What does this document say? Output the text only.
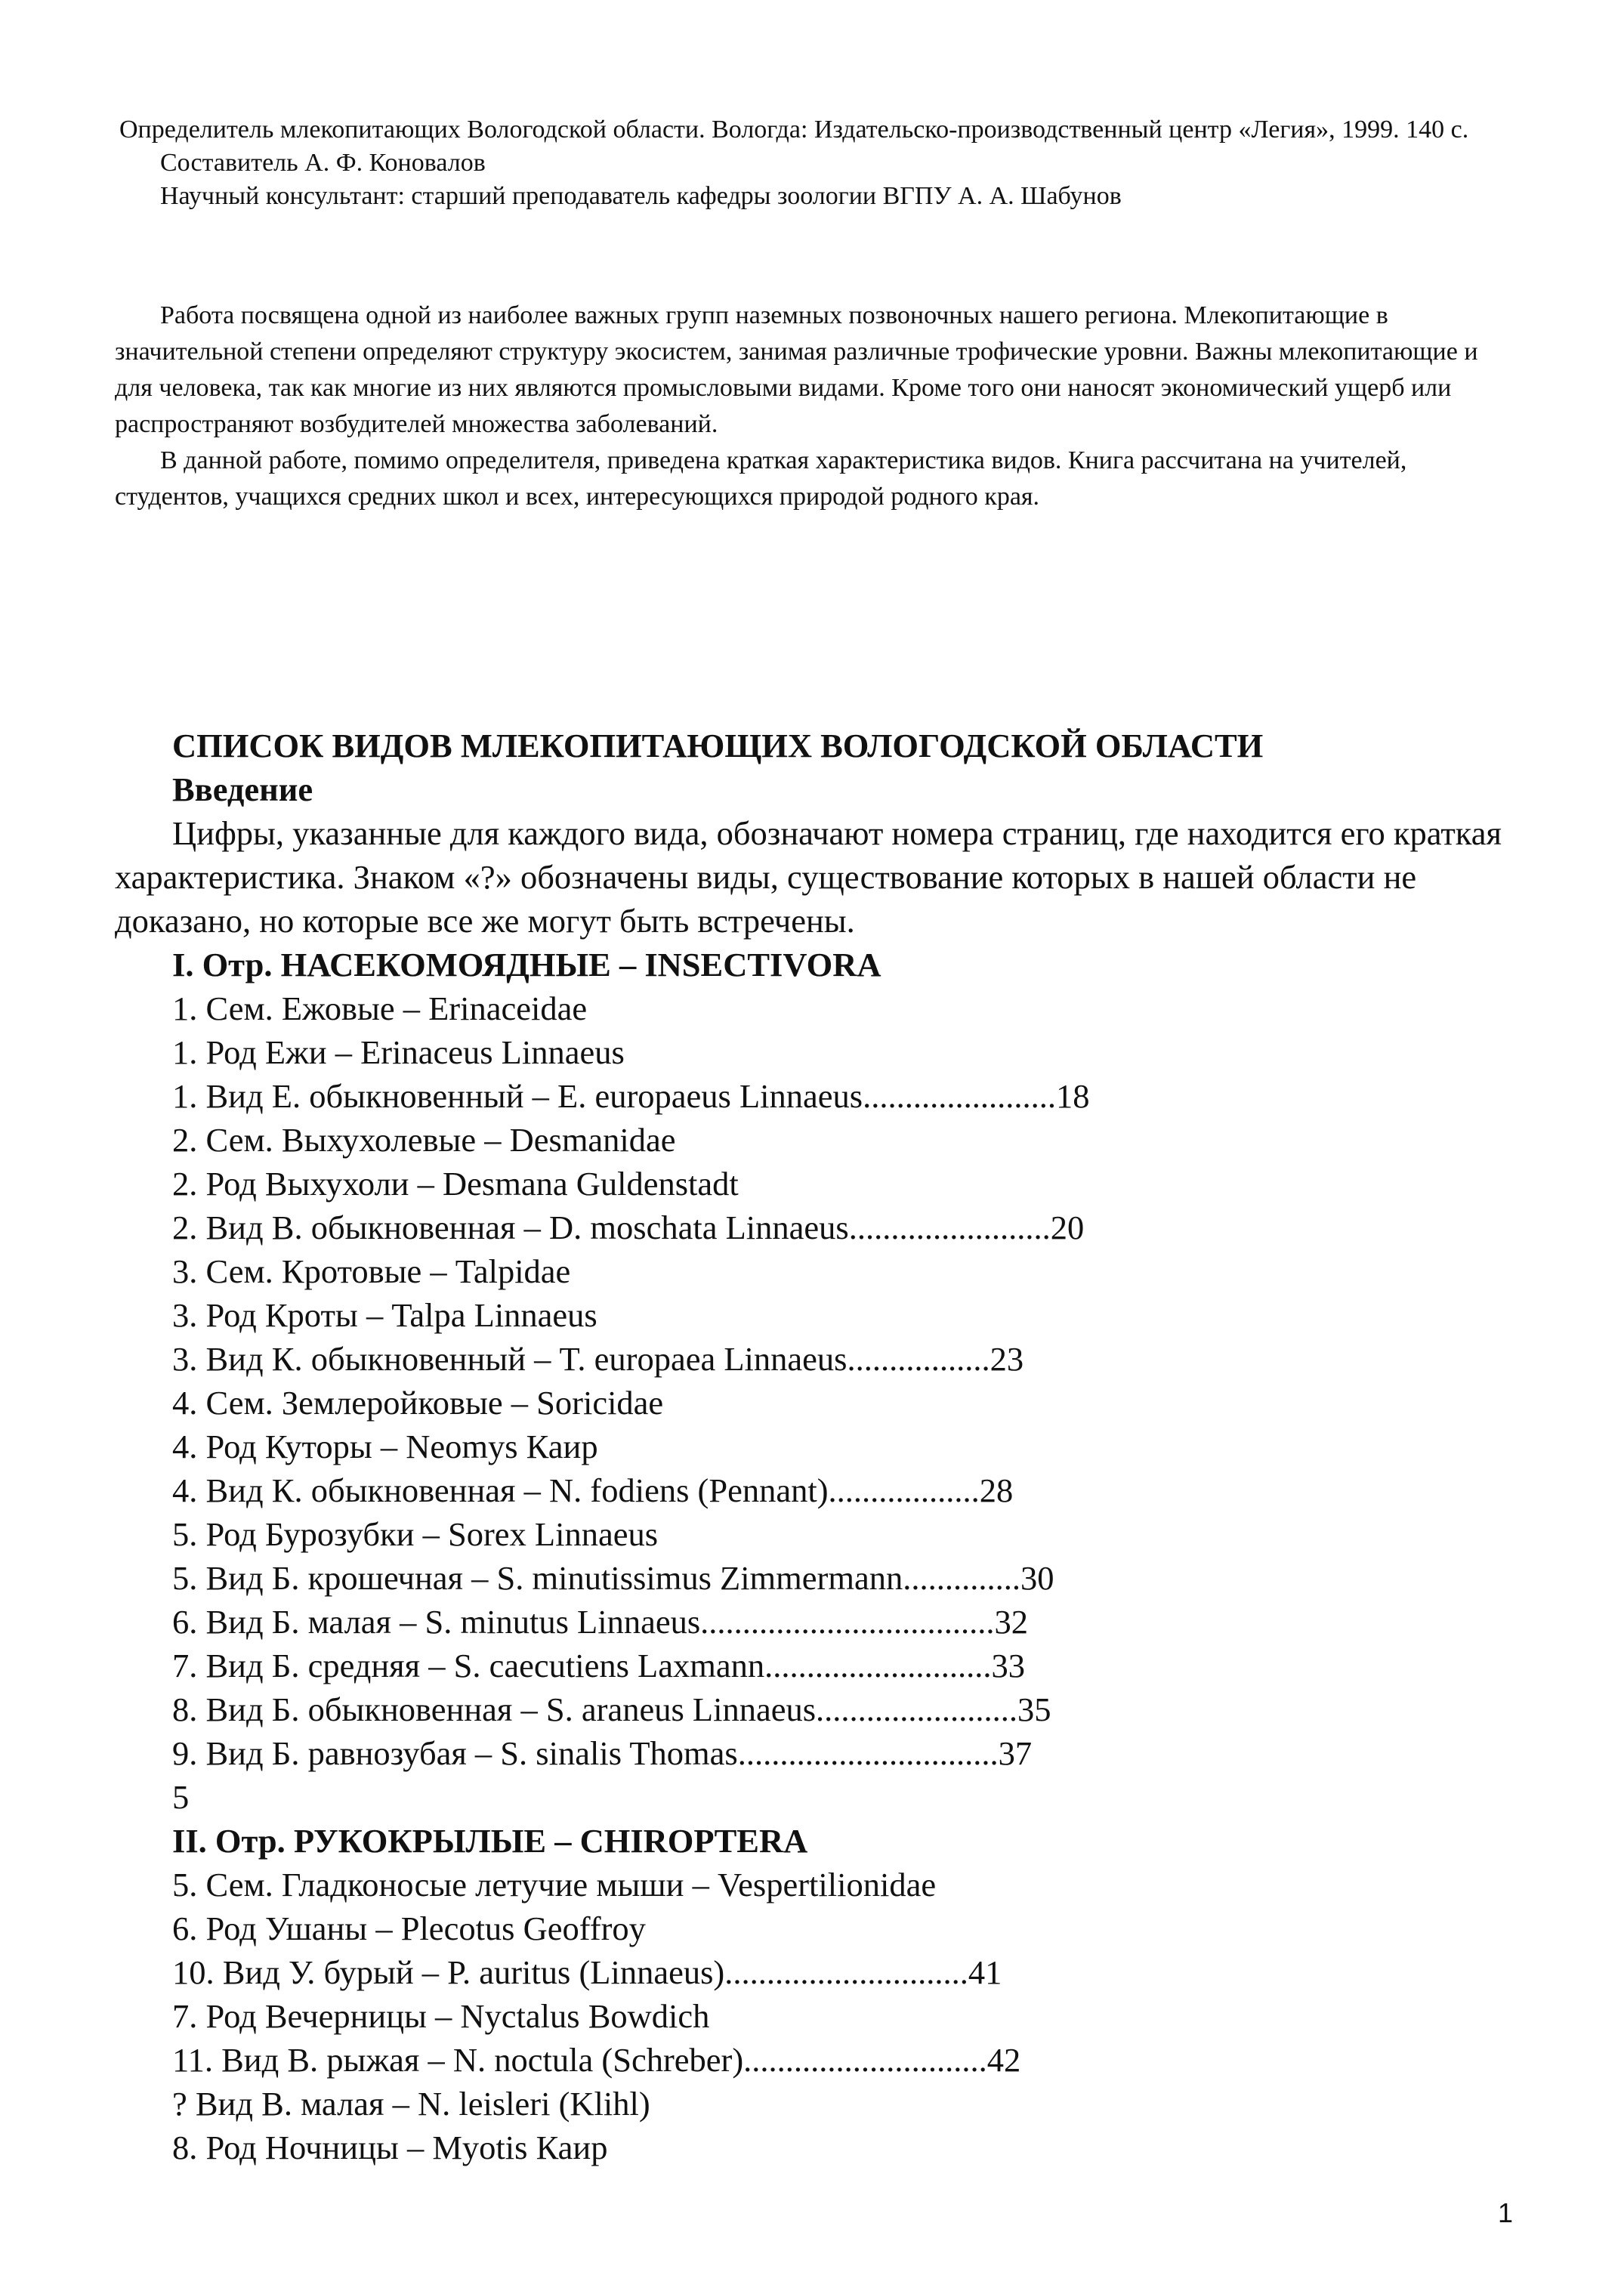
Определитель млекопитающих Вологодской области. Вологда: Издательско-производственный центр «Легия», 1999. 140 с.

Составитель А. Ф. Коновалов

Научный консультант: старший преподаватель кафедры зоологии ВГПУ А. А. Шабунов

Работа посвящена одной из наиболее важных групп наземных позвоночных нашего региона. Млекопитающие в значительной степени определяют структуру экосистем, занимая различные трофические уровни. Важны млекопитающие и для человека, так как многие из них являются промысловыми видами. Кроме того они наносят экономический ущерб или распространяют возбудителей множества заболеваний.

В данной работе, помимо определителя, приведена краткая характеристика видов. Книга рассчитана на учителей, студентов, учащихся средних школ и всех, интересующихся природой родного края.

СПИСОК ВИДОВ МЛЕКОПИТАЮЩИХ ВОЛОГОДСКОЙ ОБЛАСТИ
Введение

Цифры, указанные для каждого вида, обозначают номера страниц, где находится его краткая характеристика. Знаком «?» обозначены виды, существование которых в нашей области не доказано, но которые все же могут быть встречены.

I. Отр. НАСЕКОМОЯДНЫЕ – INSECTIVORA

1. Сем. Ежовые – Erinaceidae

1. Род Ежи – Erinaceus Linnaeus

1. Вид Е. обыкновенный – E. europaeus Linnaeus.......................18

2. Сем. Выхухолевые – Desmanidae

2. Род Выхухоли – Desmana Guldenstadt

2. Вид В. обыкновенная – D. moschata Linnaeus........................20

3. Сем. Кротовые – Talpidae

3. Род Кроты – Talpa Linnaeus

3. Вид К. обыкновенный – T. europaea Linnaeus.................23

4. Сем. Землеройковые – Soricidae

4. Род Куторы – Neomys Каир

4. Вид К. обыкновенная – N. fodiens (Pennant)..................28

5. Род Бурозубки – Sorex Linnaeus

5. Вид Б. крошечная – S. minutissimus Zimmermann..............30

6. Вид Б. малая – S. minutus Linnaeus...................................32

7. Вид Б. средняя – S. caecutiens Laxmann...........................33

8. Вид Б. обыкновенная – S. araneus Linnaeus........................35

9. Вид Б. равнозубая – S. sinalis Thomas...............................37

5

II. Отр. РУКОКРЫЛЫЕ – CHIROPTERA

5. Сем. Гладконосые летучие мыши – Vespertilionidae

6. Род Ушаны – Plecotus Geoffroy

10. Вид У. бурый – P. auritus (Linnaeus).............................41

7. Род Вечерницы – Nyctalus Bowdich

11. Вид В. рыжая – N. noctula (Schreber).............................42

? Вид В. малая – N. leisleri (Klihl)

8. Род Ночницы – Myotis Каир

1
